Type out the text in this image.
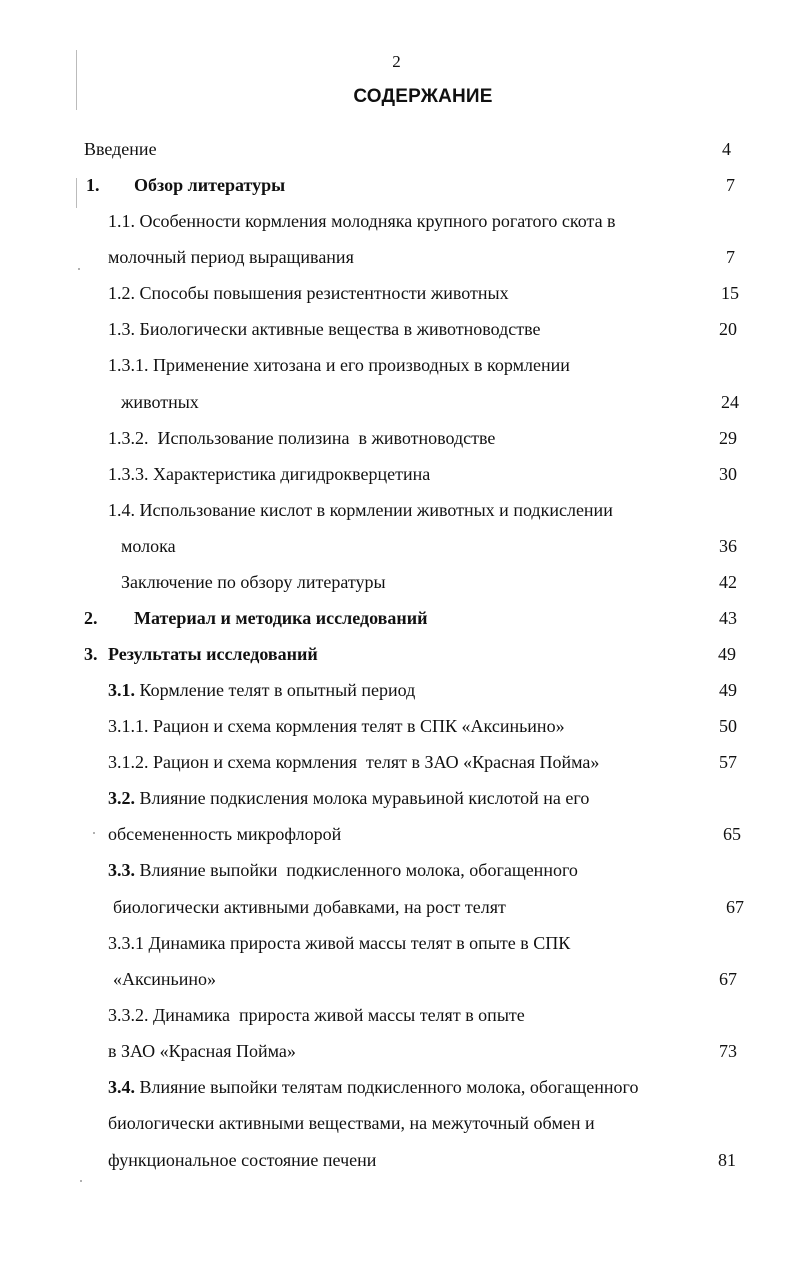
2
СОДЕРЖАНИЕ
Введение	4
1. Обзор литературы	7
1.1. Особенности кормления молодняка крупного рогатого скота в
молочный период выращивания	7
1.2. Способы повышения резистентности животных	15
1.3. Биологически активные вещества в животноводстве	20
1.3.1. Применение хитозана и его производных в кормлении
животных	24
1.3.2.  Использование полизина  в животноводстве	29
1.3.3. Характеристика дигидрокверцетина	30
1.4. Использование кислот в кормлении животных и подкислении
молока	36
Заключение по обзору литературы	42
2. Материал и методика исследований	43
3. Результаты исследований	49
3.1. Кормление телят в опытный период	49
3.1.1. Рацион и схема кормления телят в СПК «Аксиньино»	50
3.1.2. Рацион и схема кормления  телят в ЗАО «Красная Пойма»	57
3.2. Влияние подкисления молока муравьиной кислотой на его
обсемененность микрофлорой	65
3.3. Влияние выпойки  подкисленного молока, обогащенного
биологически активными добавками, на рост телят	67
3.3.1 Динамика прироста живой массы телят в опыте в СПК
«Аксиньино»	67
3.3.2. Динамика  прироста живой массы телят в опыте
в ЗАО «Красная Пойма»	73
3.4. Влияние выпойки телятам подкисленного молока, обогащенного
биологически активными веществами, на межуточный обмен и
функциональное состояние печени	81
